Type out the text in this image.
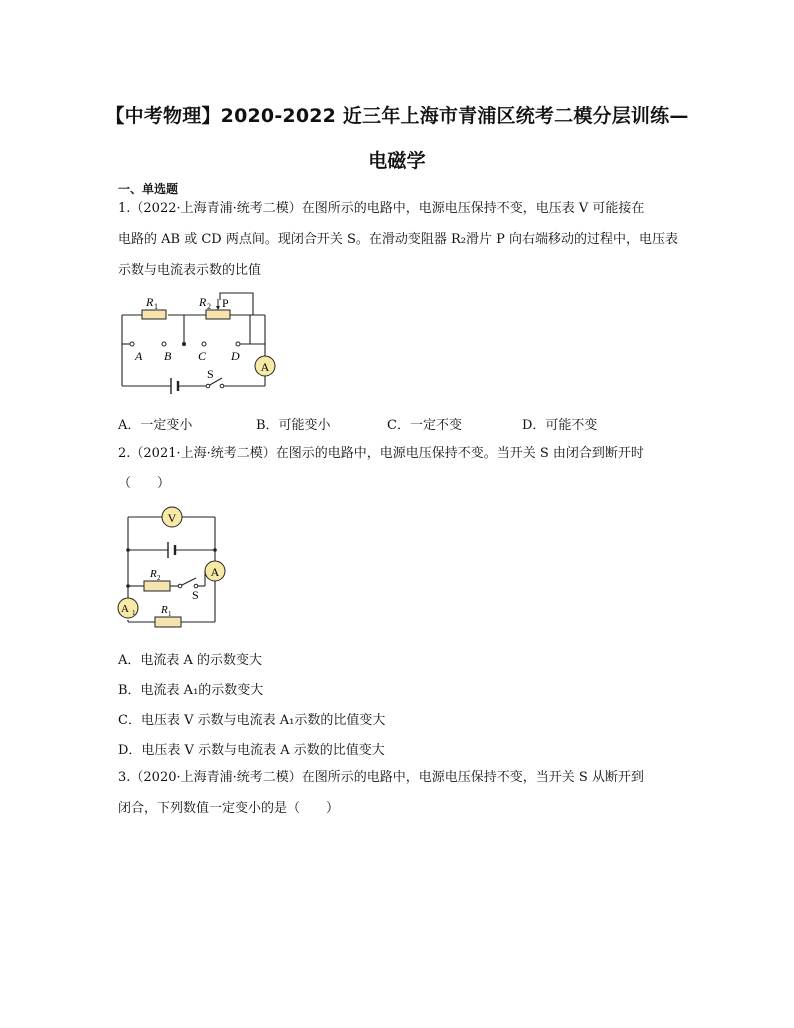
【中考物理】2020-2022 近三年上海市青浦区统考二模分层训练—
电磁学
一、单选题
1.（2022·上海青浦·统考二模）在图所示的电路中，电源电压保持不变，电压表 V 可能接在
电路的 AB 或 CD 两点间。现闭合开关 S。在滑动变阻器 R₂滑片 P 向右端移动的过程中，电压表
示数与电流表示数的比值
A
R 1	R 2 P
A B C D
S
A．一定变小	B．可能变小	C．一定不变	D．可能不变
2.（2021·上海·统考二模）在图示的电路中，电源电压保持不变。当开关 S 由闭合到断开时
（　　）
V
A
A 1
R 2
R 1
S
A．电流表 A 的示数变大
B．电流表 A₁的示数变大
C．电压表 V 示数与电流表 A₁示数的比值变大
D．电压表 V 示数与电流表 A 示数的比值变大
3.（2020·上海青浦·统考二模）在图所示的电路中，电源电压保持不变，当开关 S 从断开到
闭合，下列数值一定变小的是（　　）
